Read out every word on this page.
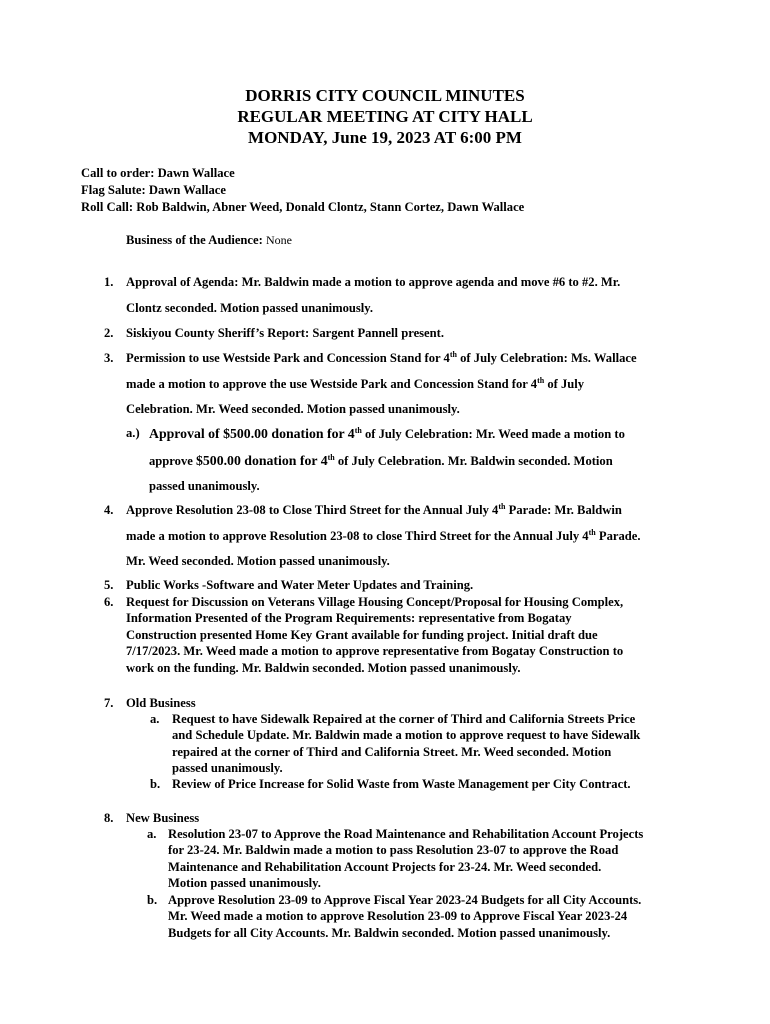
DORRIS CITY COUNCIL MINUTES
REGULAR MEETING AT CITY HALL
MONDAY, June 19, 2023 AT 6:00 PM
Call to order: Dawn Wallace
Flag Salute: Dawn Wallace
Roll Call: Rob Baldwin, Abner Weed, Donald Clontz, Stann Cortez, Dawn Wallace
Business of the Audience: None
1. Approval of Agenda: Mr. Baldwin made a motion to approve agenda and move #6 to #2. Mr.
Clontz seconded. Motion passed unanimously.
2. Siskiyou County Sheriff’s Report: Sargent Pannell present.
3. Permission to use Westside Park and Concession Stand for 4th of July Celebration: Ms. Wallace
made a motion to approve the use Westside Park and Concession Stand for 4th of July
Celebration. Mr. Weed seconded. Motion passed unanimously.
a.) Approval of $500.00 donation for 4th of July Celebration: Mr. Weed made a motion to
approve $500.00 donation for 4th of July Celebration. Mr. Baldwin seconded. Motion
passed unanimously.
4. Approve Resolution 23-08 to Close Third Street for the Annual July 4th Parade: Mr. Baldwin
made a motion to approve Resolution 23-08 to close Third Street for the Annual July 4th Parade.
Mr. Weed seconded. Motion passed unanimously.
5. Public Works -Software and Water Meter Updates and Training.
6. Request for Discussion on Veterans Village Housing Concept/Proposal for Housing Complex,
Information Presented of the Program Requirements: representative from Bogatay
Construction presented Home Key Grant available for funding project. Initial draft due
7/17/2023. Mr. Weed made a motion to approve representative from Bogatay Construction to
work on the funding. Mr. Baldwin seconded. Motion passed unanimously.
7. Old Business
a. Request to have Sidewalk Repaired at the corner of Third and California Streets Price
and Schedule Update. Mr. Baldwin made a motion to approve request to have Sidewalk
repaired at the corner of Third and California Street. Mr. Weed seconded. Motion
passed unanimously.
b. Review of Price Increase for Solid Waste from Waste Management per City Contract.
8. New Business
a. Resolution 23-07 to Approve the Road Maintenance and Rehabilitation Account Projects
for 23-24. Mr. Baldwin made a motion to pass Resolution 23-07 to approve the Road
Maintenance and Rehabilitation Account Projects for 23-24. Mr. Weed seconded.
Motion passed unanimously.
b. Approve Resolution 23-09 to Approve Fiscal Year 2023-24 Budgets for all City Accounts.
Mr. Weed made a motion to approve Resolution 23-09 to Approve Fiscal Year 2023-24
Budgets for all City Accounts. Mr. Baldwin seconded. Motion passed unanimously.
